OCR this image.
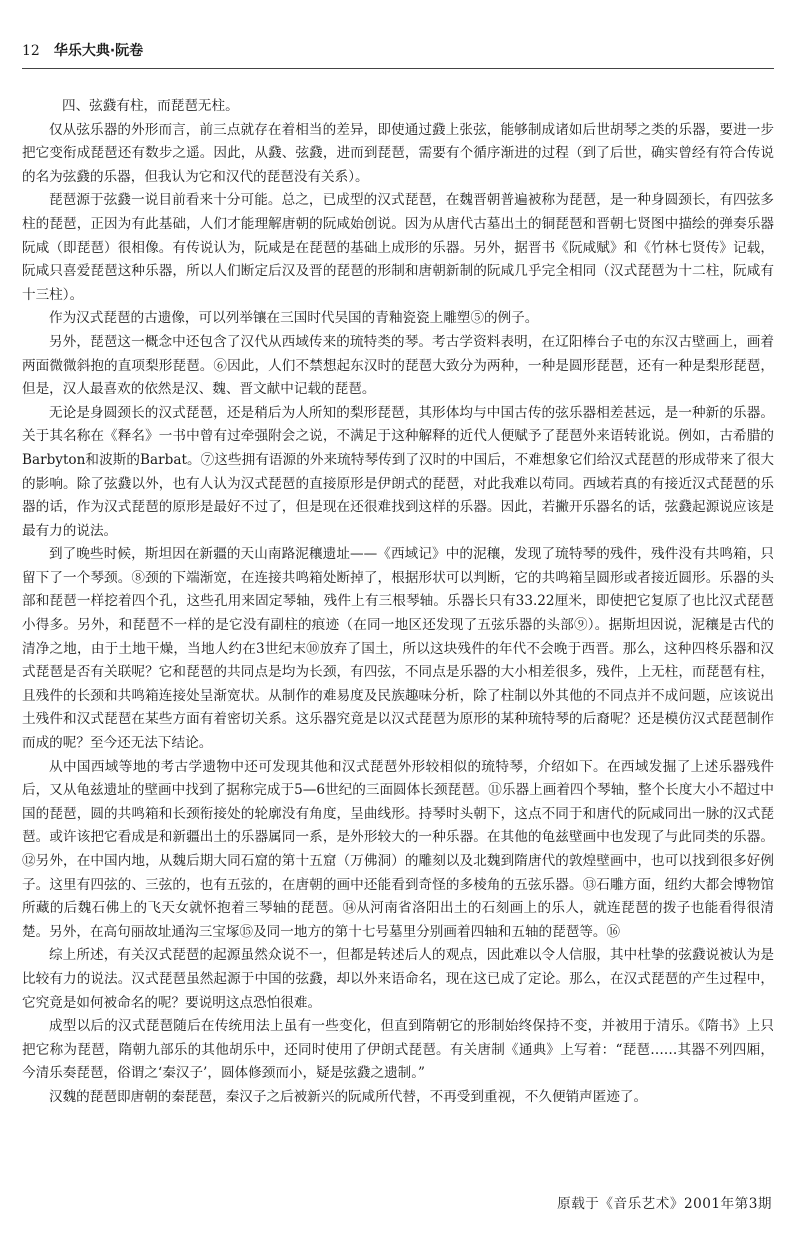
12 华乐大典·阮卷

四、弦鼗有柱，而琵琶无柱。

仅从弦乐器的外形而言，前三点就存在着相当的差异，即使通过鼗上张弦，能够制成诸如后世胡琴之类的乐器，要进一步把它变衔成琵琶还有数步之遥。因此，从鼗、弦鼗，进而到琵琶，需要有个循序渐进的过程（到了后世，确实曾经有符合传说的名为弦鼗的乐器，但我认为它和汉代的琵琶没有关系）。

琵琶源于弦鼗一说目前看来十分可能。总之，已成型的汉式琵琶，在魏晋朝普遍被称为琵琶，是一种身圆颈长，有四弦多柱的琵琶，正因为有此基础，人们才能理解唐朝的阮咸始创说。因为从唐代古墓出土的铜琵琶和晋朝七贤图中描绘的弹奏乐器阮咸（即琵琶）很相像。有传说认为，阮咸是在琵琶的基础上成形的乐器。另外，据晋书《阮咸赋》和《竹林七贤传》记载，阮咸只喜爱琵琶这种乐器，所以人们断定后汉及晋的琵琶的形制和唐朝新制的阮咸几乎完全相同（汉式琵琶为十二柱，阮咸有十三柱）。

作为汉式琵琶的古遗像，可以列举镶在三国时代吴国的青釉瓷瓷上雕塑⑤的例子。

另外，琵琶这一概念中还包含了汉代从西域传来的琉特类的琴。考古学资料表明，在辽阳棒台子屯的东汉古壁画上，画着两面微微斜抱的直项梨形琵琶。⑥因此，人们不禁想起东汉时的琵琶大致分为两种，一种是圆形琵琶，还有一种是梨形琵琶，但是，汉人最喜欢的依然是汉、魏、晋文献中记载的琵琶。

无论是身圆颈长的汉式琵琶，还是稍后为人所知的梨形琵琶，其形体均与中国古传的弦乐器相差甚远，是一种新的乐器。关于其名称在《释名》一书中曾有过牵强附会之说，不满足于这种解释的近代人便赋予了琵琶外来语转讹说。例如，古希腊的Barbyton和波斯的Barbat。⑦这些拥有语源的外来琉特琴传到了汉时的中国后，不难想象它们给汉式琵琶的形成带来了很大的影响。除了弦鼗以外，也有人认为汉式琵琶的直接原形是伊朗式的琵琶，对此我难以苟同。西域若真的有接近汉式琵琶的乐器的话，作为汉式琵琶的原形是最好不过了，但是现在还很难找到这样的乐器。因此，若撇开乐器名的话，弦鼗起源说应该是最有力的说法。

到了晚些时候，斯坦因在新疆的天山南路泥穰遗址——《西域记》中的泥穰，发现了琉特琴的残件，残件没有共鸣箱，只留下了一个琴颈。⑧颈的下端渐宽，在连接共鸣箱处断掉了，根据形状可以判断，它的共鸣箱呈圆形或者接近圆形。乐器的头部和琵琶一样挖着四个孔，这些孔用来固定琴轴，残件上有三根琴轴。乐器长只有33.22厘米，即使把它复原了也比汉式琵琶小得多。另外，和琵琶不一样的是它没有副柱的痕迹（在同一地区还发现了五弦乐器的头部⑨）。据斯坦因说，泥穰是古代的清净之地，由于土地干燥，当地人约在3世纪末⑩放弃了国土，所以这块残件的年代不会晚于西晋。那么，这种四柊乐器和汉式琵琶是否有关联呢？它和琵琶的共同点是均为长颈，有四弦，不同点是乐器的大小相差很多，残件，上无柱，而琵琶有柱，且残件的长颈和共鸣箱连接处呈渐宽状。从制作的难易度及民族趣味分析，除了柱制以外其他的不同点并不成问题，应该说出土残件和汉式琵琶在某些方面有着密切关系。这乐器究竟是以汉式琵琶为原形的某种琉特琴的后裔呢？还是模仿汉式琵琶制作而成的呢？至今还无法下结论。

从中国西域等地的考古学遗物中还可发现其他和汉式琵琶外形较相似的琉特琴，介绍如下。在西域发掘了上述乐器残件后，又从龟兹遗址的壁画中找到了据称完成于5—6世纪的三面圆体长颈琵琶。⑪乐器上画着四个琴轴，整个长度大小不超过中国的琵琶，圆的共鸣箱和长颈衔接处的轮廓没有角度，呈曲线形。持琴时头朝下，这点不同于和唐代的阮咸同出一脉的汉式琵琶。或许该把它看成是和新疆出土的乐器属同一系，是外形较大的一种乐器。在其他的龟兹壁画中也发现了与此同类的乐器。⑫另外，在中国内地，从魏后期大同石窟的第十五窟（万佛洞）的雕刻以及北魏到隋唐代的敦煌壁画中，也可以找到很多好例子。这里有四弦的、三弦的，也有五弦的，在唐朝的画中还能看到奇怪的多棱角的五弦乐器。⑬石雕方面，纽约大都会博物馆所藏的后魏石佛上的飞天女就怀抱着三琴轴的琵琶。⑭从河南省洛阳出土的石刻画上的乐人，就连琵琶的拨子也能看得很清楚。另外，在高句丽故址通沟三宝塚⑮及同一地方的第十七号墓里分别画着四轴和五轴的琵琶等。⑯

综上所述，有关汉式琵琶的起源虽然众说不一，但都是转述后人的观点，因此难以令人信服，其中杜挚的弦鼗说被认为是比较有力的说法。汉式琵琶虽然起源于中国的弦鼗，却以外来语命名，现在这已成了定论。那么，在汉式琵琶的产生过程中，它究竟是如何被命名的呢？要说明这点恐怕很难。

成型以后的汉式琵琶随后在传统用法上虽有一些变化，但直到隋朝它的形制始终保持不变，并被用于清乐。《隋书》上只把它称为琵琶，隋朝九部乐的其他胡乐中，还同时使用了伊朗式琵琶。有关唐制《通典》上写着：“琵琶……其器不列四厢，今清乐奏琵琶，俗谓之‘秦汉子’，圆体修颈而小，疑是弦鼗之遗制。”

汉魏的琵琶即唐朝的秦琵琶，秦汉子之后被新兴的阮咸所代替，不再受到重视，不久便销声匿迹了。

原载于《音乐艺术》2001年第3期
